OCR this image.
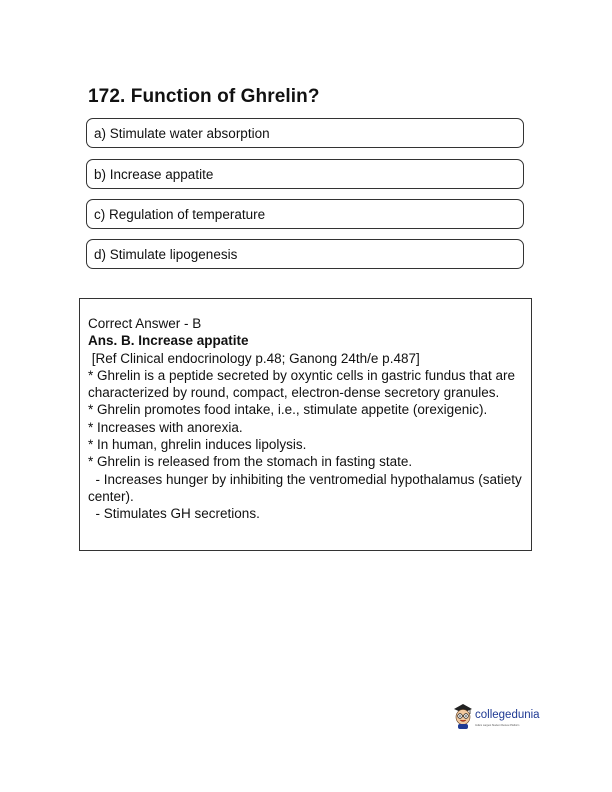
172. Function of Ghrelin?
a) Stimulate water absorption
b) Increase appatite
c) Regulation of temperature
d) Stimulate lipogenesis

Correct Answer - B

Ans. B. Increase appatite

[Ref Clinical endocrinology p.48; Ganong 24th/e p.487]

* Ghrelin is a peptide secreted by oxyntic cells in gastric fundus that are characterized by round, compact, electron-dense secretory granules.

* Ghrelin promotes food intake, i.e., stimulate appetite (orexigenic).

* Increases with anorexia.

* In human, ghrelin induces lipolysis.

* Ghrelin is released from the stomach in fasting state.

- Increases hunger by inhibiting the ventromedial hypothalamus (satiety center).

- Stimulates GH secretions.

collegedunia
India's Largest Student Review Platform
